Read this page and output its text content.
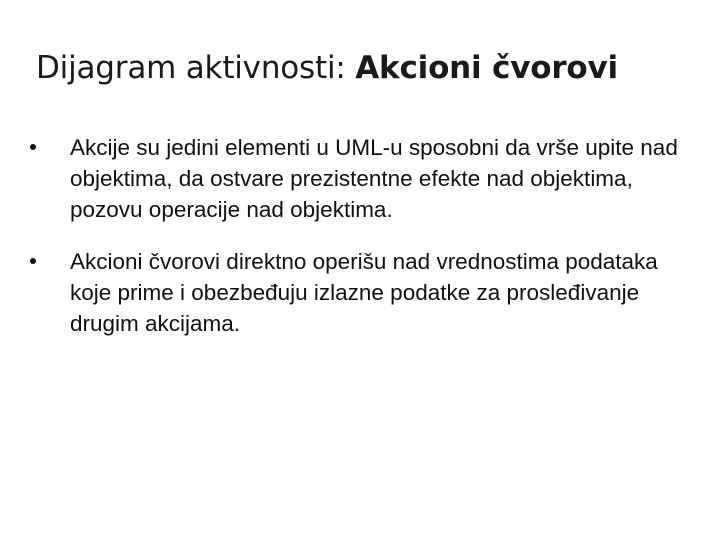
Dijagram aktivnosti: Akcioni čvorovi
Akcije su jedini elementi u UML-u sposobni da vrše upite nad objektima, da ostvare prezistentne efekte nad objektima, pozovu operacije nad objektima.
Akcioni čvorovi direktno operišu nad vrednostima podataka koje prime i obezbeđuju izlazne podatke za prosleđivanje drugim akcijama.
